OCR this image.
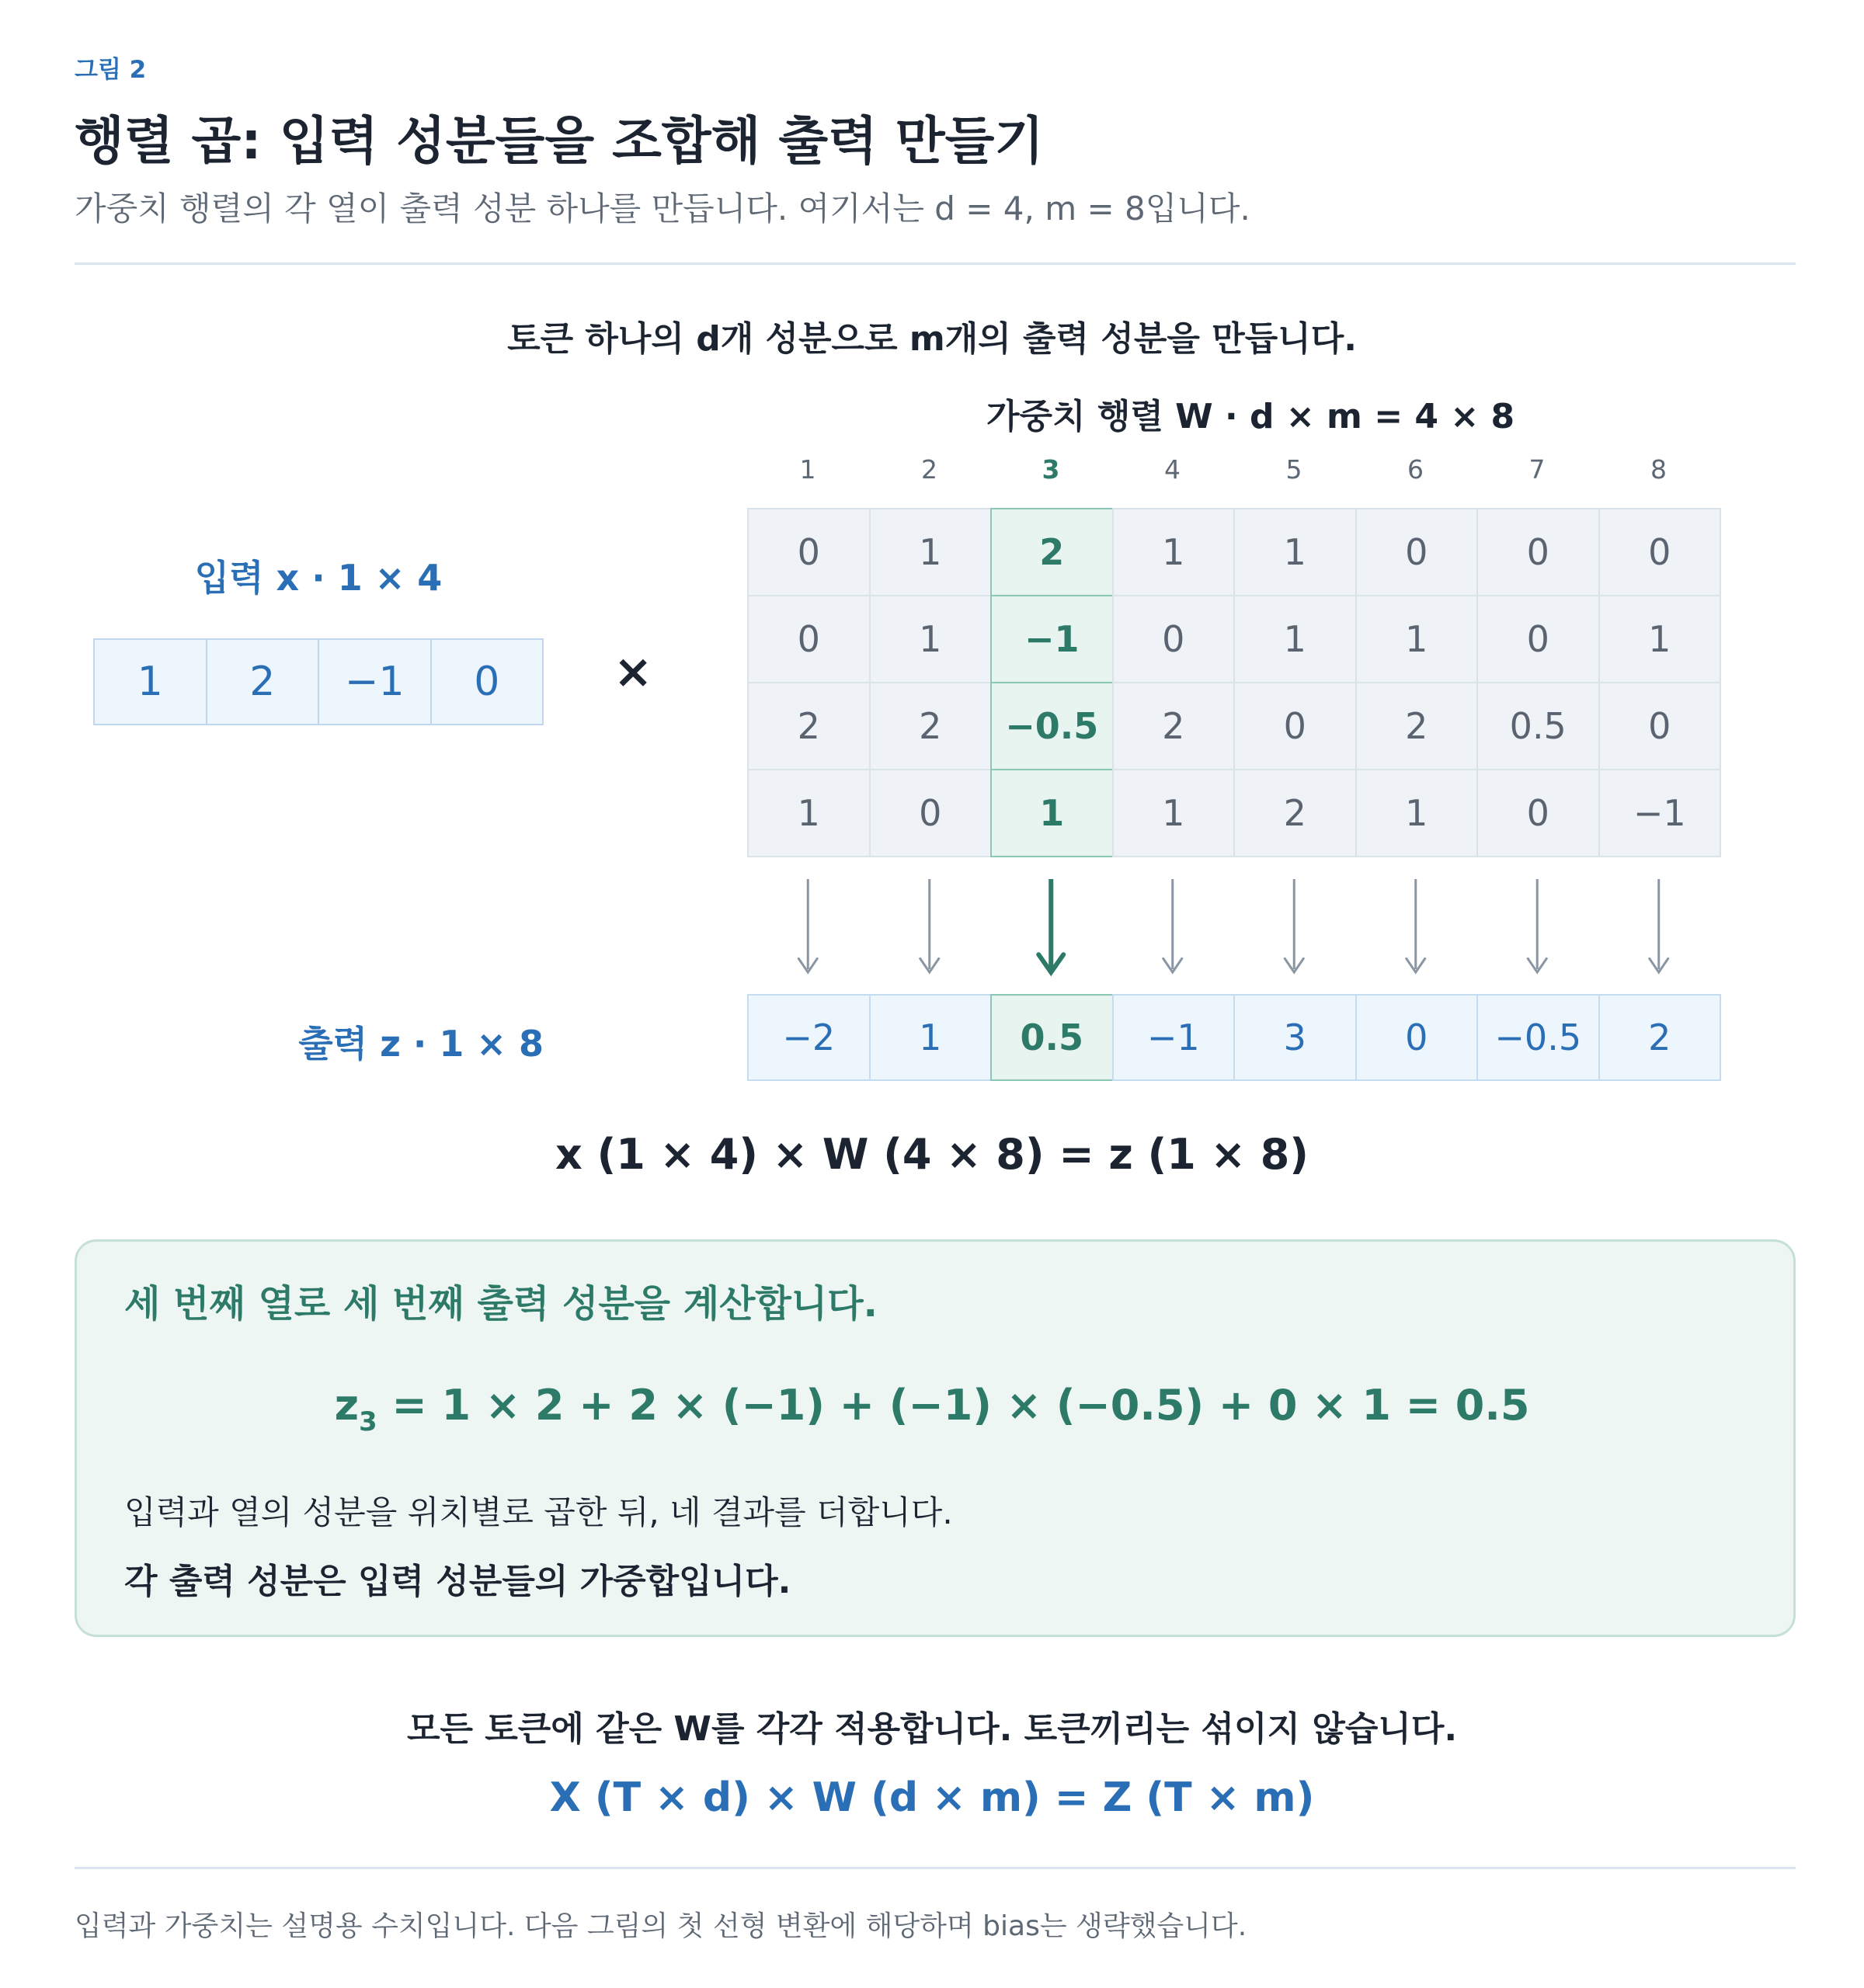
그림 2
행렬 곱: 입력 성분들을 조합해 출력 만들기
가중치 행렬의 각 열이 출력 성분 하나를 만듭니다. 여기서는 d = 4, m = 8입니다.
토큰 하나의 d개 성분으로 m개의 출력 성분을 만듭니다.
가중치 행렬 W · d × m = 4 × 8
1	2	3	4	5	6	7	8
입력 x · 1 × 4
1	2	−1	0	×
0	1	2	1	1	0	0	0
0	1	−1	0	1	1	0	1
2	2	−0.5	2	0	2	0.5	0
1	0	1	1	2	1	0	−1
출력 z · 1 × 8	−2	1	0.5	−1	3	0	−0.5	2
x (1 × 4) × W (4 × 8) = z (1 × 8)
세 번째 열로 세 번째 출력 성분을 계산합니다.
$z_3 = 1 \times 2 + 2 \times (-1) + (-1) \times (-0.5) + 0 \times 1 = 0.5$
입력과 열의 성분을 위치별로 곱한 뒤, 네 결과를 더합니다.
각 출력 성분은 입력 성분들의 가중합입니다.
모든 토큰에 같은 W를 각각 적용합니다. 토큰끼리는 섞이지 않습니다.
X (T × d) × W (d × m) = Z (T × m)
입력과 가중치는 설명용 수치입니다. 다음 그림의 첫 선형 변환에 해당하며 bias는 생략했습니다.
